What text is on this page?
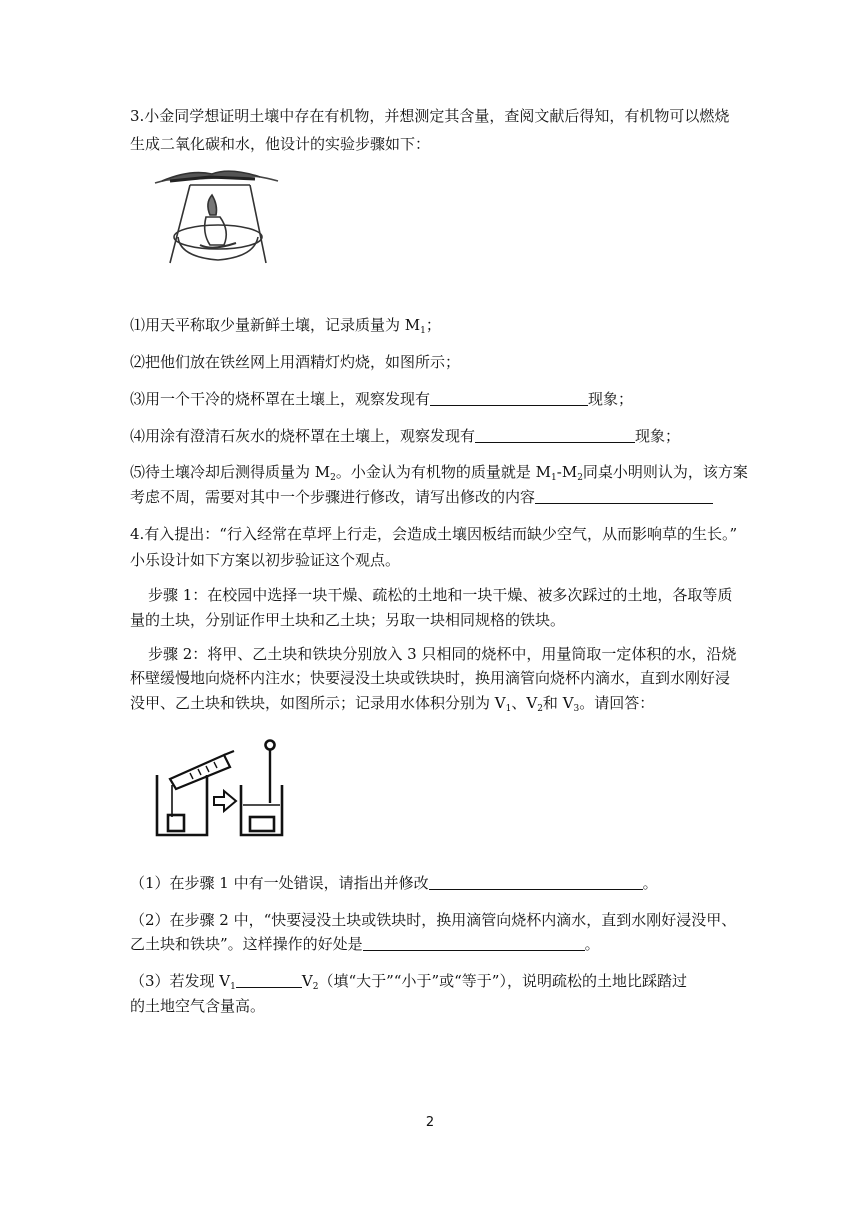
3.小金同学想证明土壤中存在有机物，并想测定其含量，查阅文献后得知，有机物可以燃烧
生成二氧化碳和水，他设计的实验步骤如下：
⑴用天平称取少量新鲜土壤，记录质量为 $M_1$；
⑵把他们放在铁丝网上用酒精灯灼烧，如图所示；
⑶用一个干冷的烧杯罩在土壤上，观察发现有	现象；
⑷用涂有澄清石灰水的烧杯罩在土壤上，观察发现有	现象；
⑸待土壤冷却后测得质量为 $M_2$。小金认为有机物的质量就是 $M_1-M_2$同桌小明则认为，该方案
考虑不周，需要对其中一个步骤进行修改，请写出修改的内容
4.有入提出：“行入经常在草坪上行走，会造成土壤因板结而缺少空气，从而影响草的生长。”
小乐设计如下方案以初步验证这个观点。
步骤 1：在校园中选择一块干燥、疏松的土地和一块干燥、被多次踩过的土地，各取等质
量的土块，分别证作甲土块和乙土块；另取一块相同规格的铁块。
步骤 2：将甲、乙土块和铁块分别放入 3 只相同的烧杯中，用量筒取一定体积的水，沿烧
杯壁缓慢地向烧杯内注水；快要浸没土块或铁块时，换用滴管向烧杯内滴水，直到水刚好浸
没甲、乙土块和铁块，如图所示；记录用水体积分别为 $V_1$、$V_2$和 $V_3$。请回答：
（1）在步骤 1 中有一处错误，请指出并修改	。
（2）在步骤 2 中，“快要浸没土块或铁块时，换用滴管向烧杯内滴水，直到水刚好浸没甲、
乙土块和铁块”。这样操作的好处是	。
（3）若发现 $V_1$	$V_2$（填“大于”“小于”或“等于”），说明疏松的土地比踩踏过
的土地空气含量高。
2
